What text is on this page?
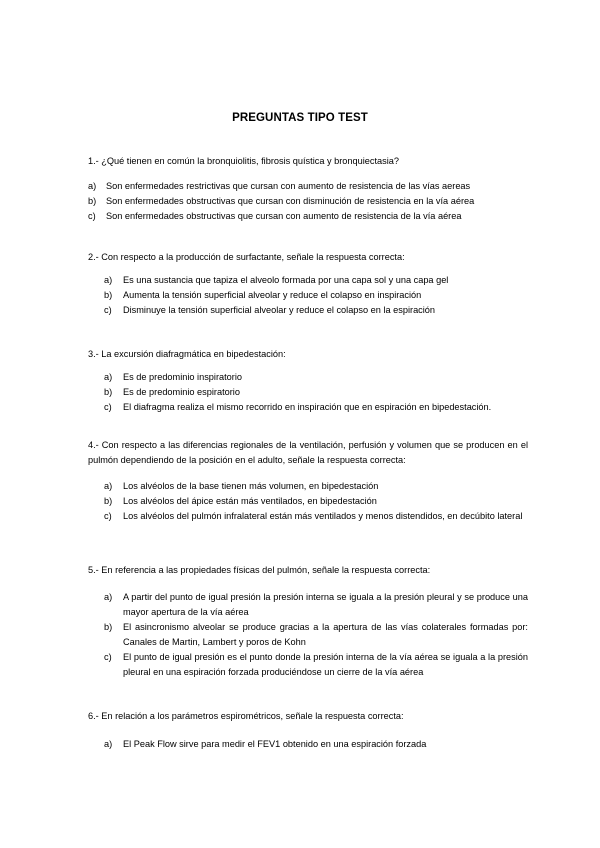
PREGUNTAS TIPO TEST

1.- ¿Qué tienen en común la bronquiolitis, fibrosis quística y bronquiectasia?

a)	Son enfermedades restrictivas que cursan con aumento de resistencia de las vías aereas
b)	Son enfermedades obstructivas que cursan con disminución de resistencia en la vía aérea
c)	Son enfermedades obstructivas que cursan con aumento de resistencia de la vía aérea

2.- Con respecto a la producción de surfactante, señale la respuesta correcta:

a)	Es una sustancia que tapiza el alveolo formada por una capa sol y una capa gel
b)	Aumenta la tensión superficial alveolar y reduce el colapso en inspiración
c)	Disminuye la tensión superficial alveolar y reduce el colapso en la espiración

3.- La excursión diafragmática en bipedestación:

a)	Es de predominio inspiratorio
b)	Es de predominio espiratorio
c)	El diafragma realiza el mismo recorrido en inspiración que en espiración en bipedestación.

4.- Con respecto a las diferencias regionales de la ventilación, perfusión y volumen que se producen en el pulmón dependiendo de la posición en el adulto, señale la respuesta correcta:

a)	Los alvéolos de la base tienen más volumen, en bipedestación
b)	Los alvéolos del ápice están más ventilados, en bipedestación
c)	Los alvéolos del pulmón infralateral están más ventilados y menos distendidos, en decúbito lateral

5.- En referencia a las propiedades físicas del pulmón, señale la respuesta correcta:

a)	A partir del punto de igual presión la presión interna se iguala a la presión pleural y se produce una mayor apertura de la vía aérea
b)	El asincronismo alveolar se produce gracias a la apertura de las vías colaterales formadas por: Canales de Martin, Lambert y poros de Kohn
c)	El punto de igual presión es el punto donde la presión interna de la vía aérea se iguala a la presión pleural en una espiración forzada produciéndose un cierre de la vía aérea

6.- En relación a los parámetros espirométricos, señale la respuesta correcta:

a)	El Peak Flow sirve para medir el FEV1 obtenido en una espiración forzada
